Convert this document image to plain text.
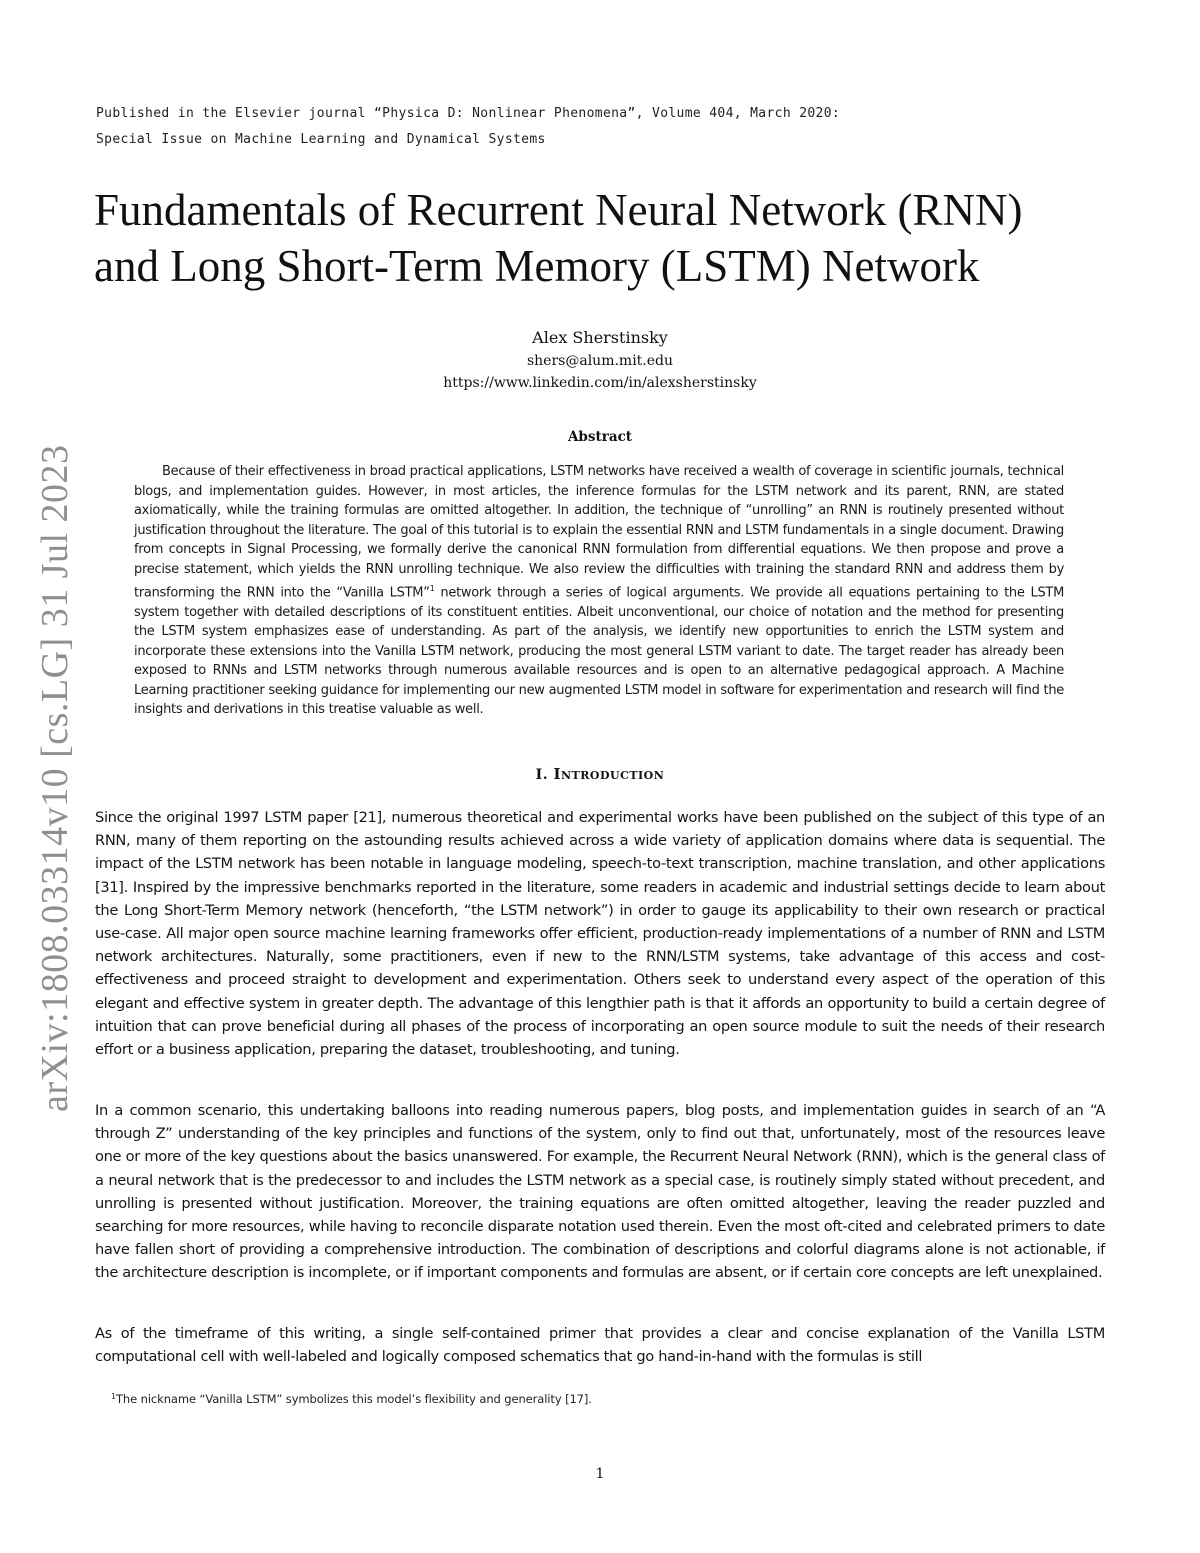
arXiv:1808.03314v10 [cs.LG] 31 Jul 2023

Published in the Elsevier journal “Physica D: Nonlinear Phenomena”, Volume 404, March 2020:
Special Issue on Machine Learning and Dynamical Systems

Fundamentals of Recurrent Neural Network (RNN)
and Long Short-Term Memory (LSTM) Network
Alex Sherstinsky
shers@alum.mit.edu
https://www.linkedin.com/in/alexsherstinsky
Abstract

Because of their effectiveness in broad practical applications, LSTM networks have received a wealth of coverage in scientific journals, technical blogs, and implementation guides. However, in most articles, the inference formulas for the LSTM network and its parent, RNN, are stated axiomatically, while the training formulas are omitted altogether. In addition, the technique of “unrolling” an RNN is routinely presented without justification throughout the literature. The goal of this tutorial is to explain the essential RNN and LSTM fundamentals in a single document. Drawing from concepts in Signal Processing, we formally derive the canonical RNN formulation from differential equations. We then propose and prove a precise statement, which yields the RNN unrolling technique. We also review the difficulties with training the standard RNN and address them by transforming the RNN into the “Vanilla LSTM”$^1$ network through a series of logical arguments. We provide all equations pertaining to the LSTM system together with detailed descriptions of its constituent entities. Albeit unconventional, our choice of notation and the method for presenting the LSTM system emphasizes ease of understanding. As part of the analysis, we identify new opportunities to enrich the LSTM system and incorporate these extensions into the Vanilla LSTM network, producing the most general LSTM variant to date. The target reader has already been exposed to RNNs and LSTM networks through numerous available resources and is open to an alternative pedagogical approach. A Machine Learning practitioner seeking guidance for implementing our new augmented LSTM model in software for experimentation and research will find the insights and derivations in this treatise valuable as well.

I. Introduction

Since the original 1997 LSTM paper [21], numerous theoretical and experimental works have been published on the subject of this type of an RNN, many of them reporting on the astounding results achieved across a wide variety of application domains where data is sequential. The impact of the LSTM network has been notable in language modeling, speech-to-text transcription, machine translation, and other applications [31]. Inspired by the impressive benchmarks reported in the literature, some readers in academic and industrial settings decide to learn about the Long Short-Term Memory network (henceforth, “the LSTM network”) in order to gauge its applicability to their own research or practical use-case. All major open source machine learning frameworks offer efficient, production-ready implementations of a number of RNN and LSTM network architectures. Naturally, some practitioners, even if new to the RNN/LSTM systems, take advantage of this access and cost-effectiveness and proceed straight to development and experimentation. Others seek to understand every aspect of the operation of this elegant and effective system in greater depth. The advantage of this lengthier path is that it affords an opportunity to build a certain degree of intuition that can prove beneficial during all phases of the process of incorporating an open source module to suit the needs of their research effort or a business application, preparing the dataset, troubleshooting, and tuning.

In a common scenario, this undertaking balloons into reading numerous papers, blog posts, and implementation guides in search of an “A through Z” understanding of the key principles and functions of the system, only to find out that, unfortunately, most of the resources leave one or more of the key questions about the basics unanswered. For example, the Recurrent Neural Network (RNN), which is the general class of a neural network that is the predecessor to and includes the LSTM network as a special case, is routinely simply stated without precedent, and unrolling is presented without justification. Moreover, the training equations are often omitted altogether, leaving the reader puzzled and searching for more resources, while having to reconcile disparate notation used therein. Even the most oft-cited and celebrated primers to date have fallen short of providing a comprehensive introduction. The combination of descriptions and colorful diagrams alone is not actionable, if the architecture description is incomplete, or if important components and formulas are absent, or if certain core concepts are left unexplained.

As of the timeframe of this writing, a single self-contained primer that provides a clear and concise explanation of the Vanilla LSTM computational cell with well-labeled and logically composed schematics that go hand-in-hand with the formulas is still

$^1$The nickname “Vanilla LSTM” symbolizes this model’s flexibility and generality [17].

1
